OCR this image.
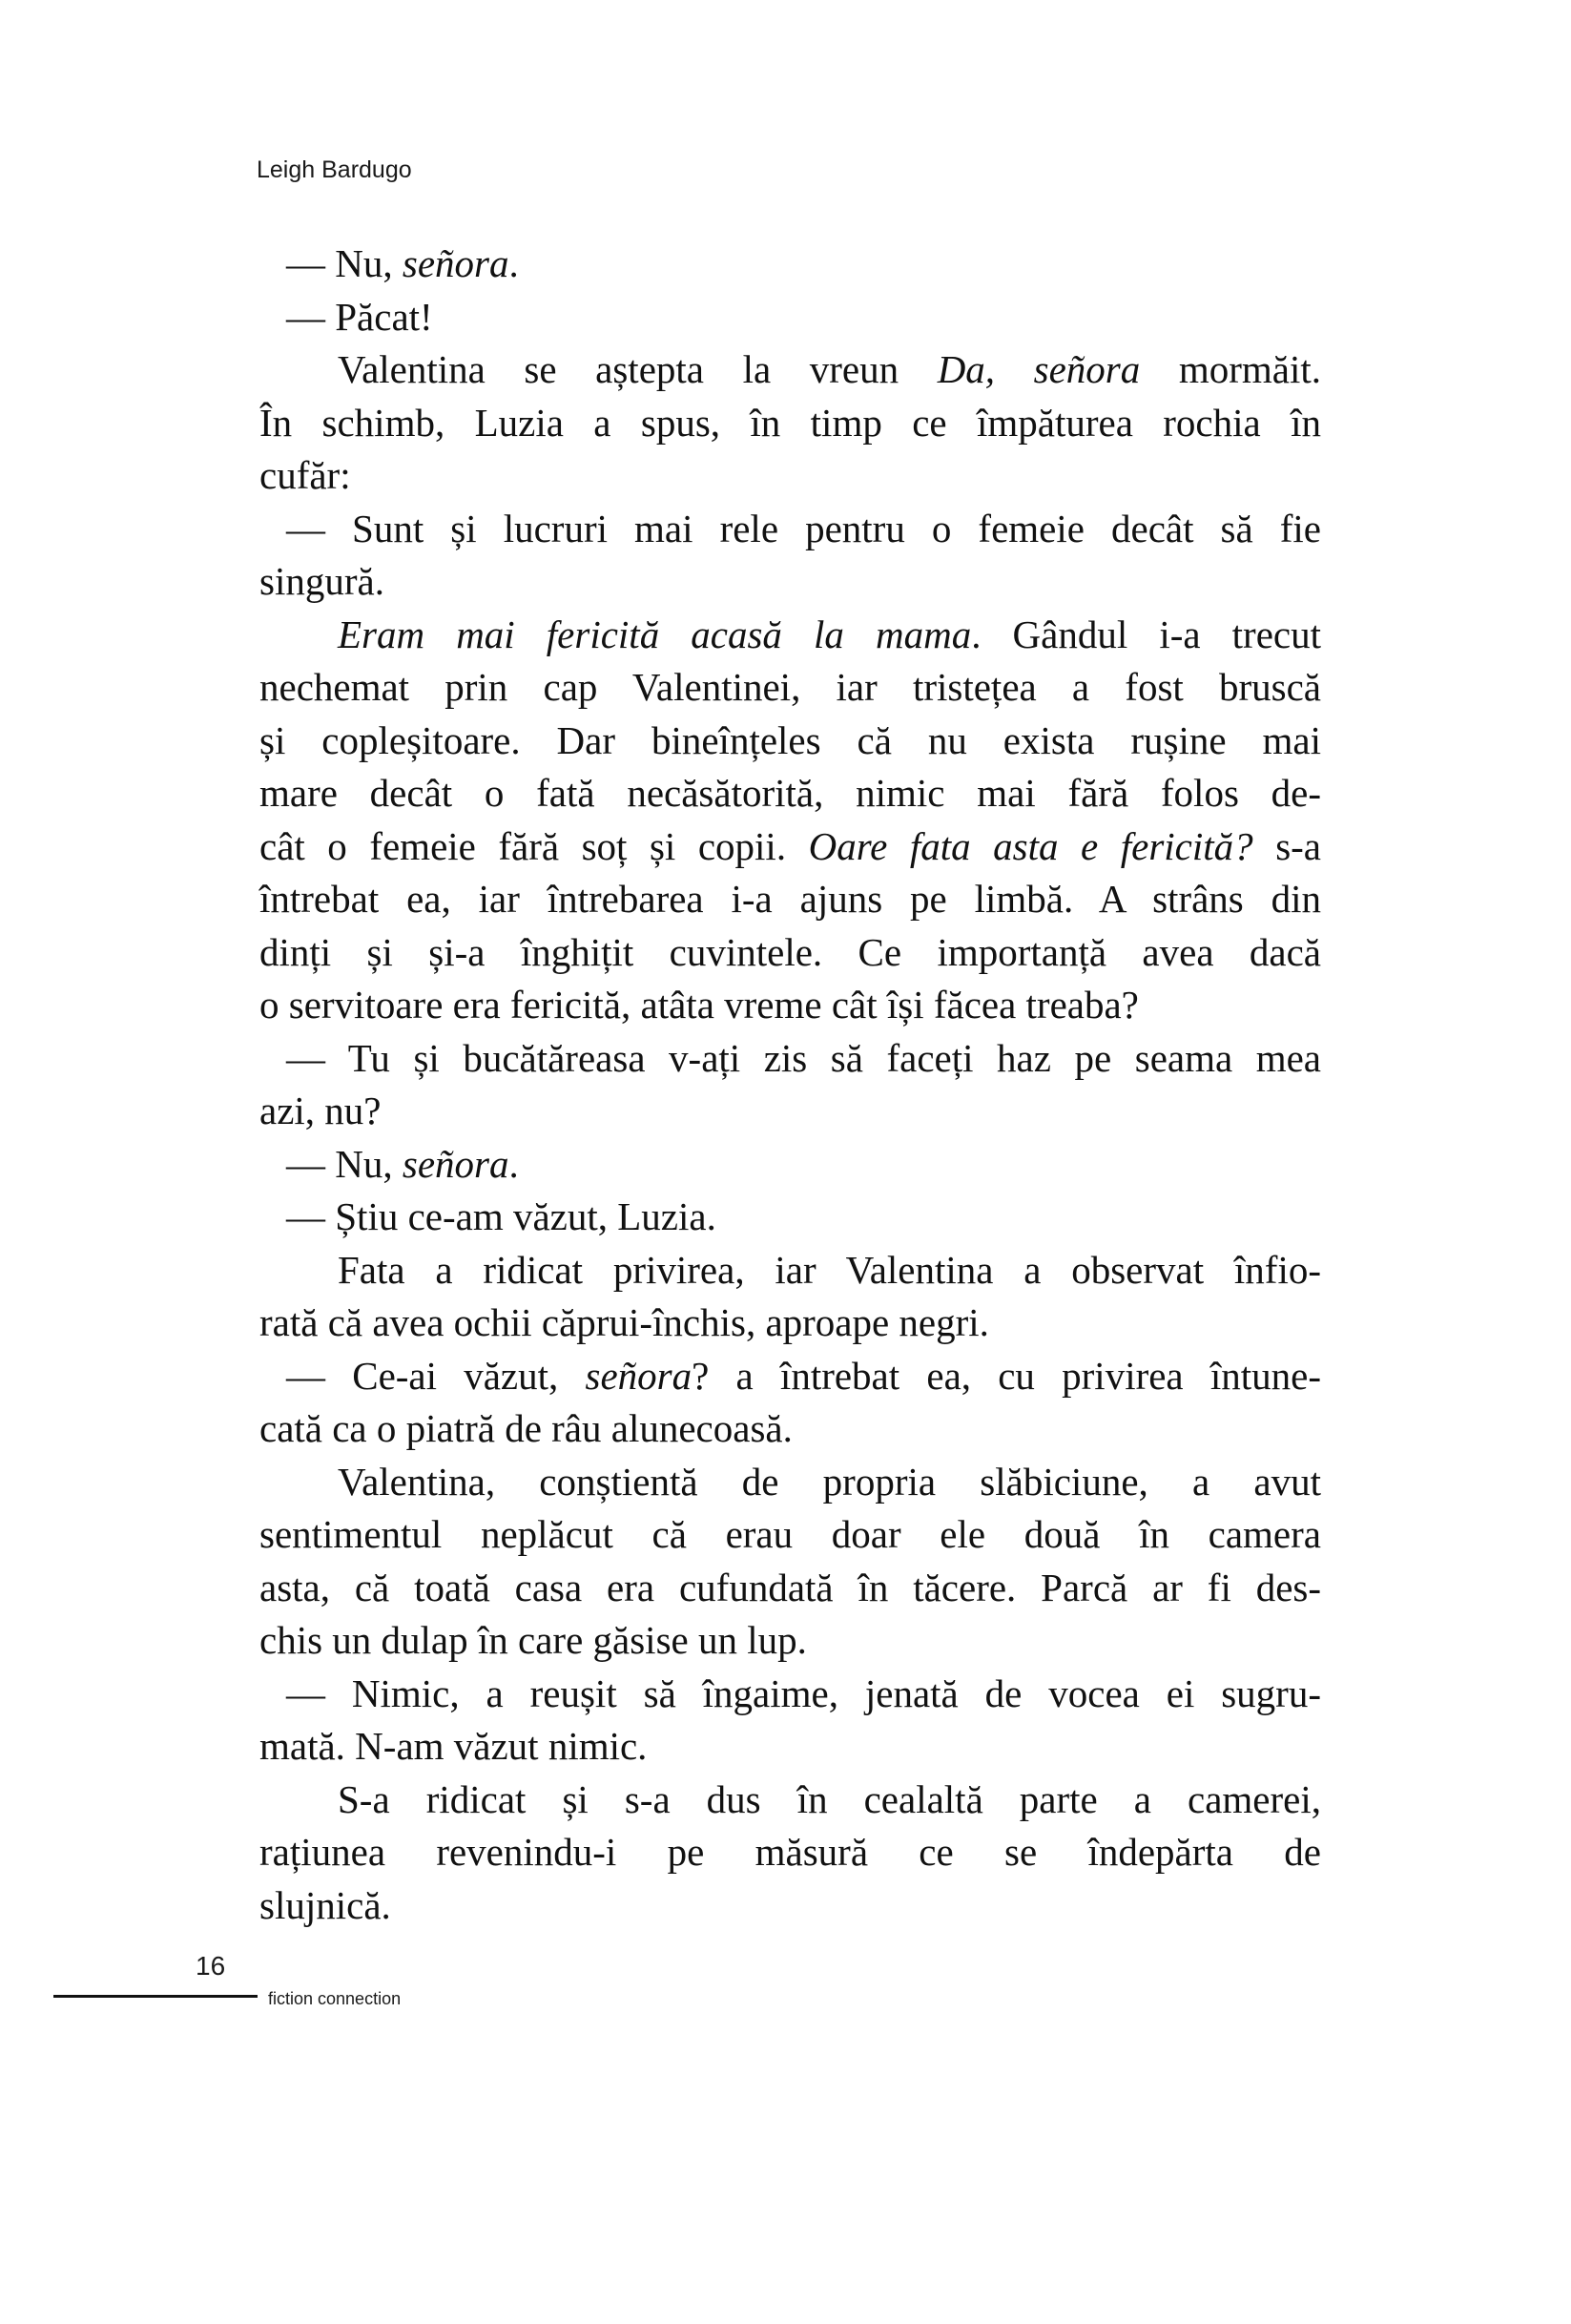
Leigh Bardugo
— Nu, señora.
— Păcat!
Valentina se aștepta la vreun Da, señora mormăit.
În schimb, Luzia a spus, în timp ce împăturea rochia în
cufăr:
— Sunt și lucruri mai rele pentru o femeie decât să fie
singură.
Eram mai fericită acasă la mama. Gândul i-a trecut
nechemat prin cap Valentinei, iar tristețea a fost bruscă
și copleșitoare. Dar bineînțeles că nu exista rușine mai
mare decât o fată necăsătorită, nimic mai fără folos de-
cât o femeie fără soț și copii. Oare fata asta e fericită? s-a
întrebat ea, iar întrebarea i-a ajuns pe limbă. A strâns din
dinți și și-a înghițit cuvintele. Ce importanță avea dacă
o servitoare era fericită, atâta vreme cât își făcea treaba?
— Tu și bucătăreasa v-ați zis să faceți haz pe seama mea
azi, nu?
— Nu, señora.
— Știu ce-am văzut, Luzia.
Fata a ridicat privirea, iar Valentina a observat înfio-
rată că avea ochii căprui-închis, aproape negri.
— Ce-ai văzut, señora? a întrebat ea, cu privirea întune-
cată ca o piatră de râu alunecoasă.
Valentina, conștientă de propria slăbiciune, a avut
sentimentul neplăcut că erau doar ele două în camera
asta, că toată casa era cufundată în tăcere. Parcă ar fi des-
chis un dulap în care găsise un lup.
— Nimic, a reușit să îngaime, jenată de vocea ei sugru-
mată. N-am văzut nimic.
S-a ridicat și s-a dus în cealaltă parte a camerei,
rațiunea revenindu-i pe măsură ce se îndepărta de
slujnică.
16
fiction connection
